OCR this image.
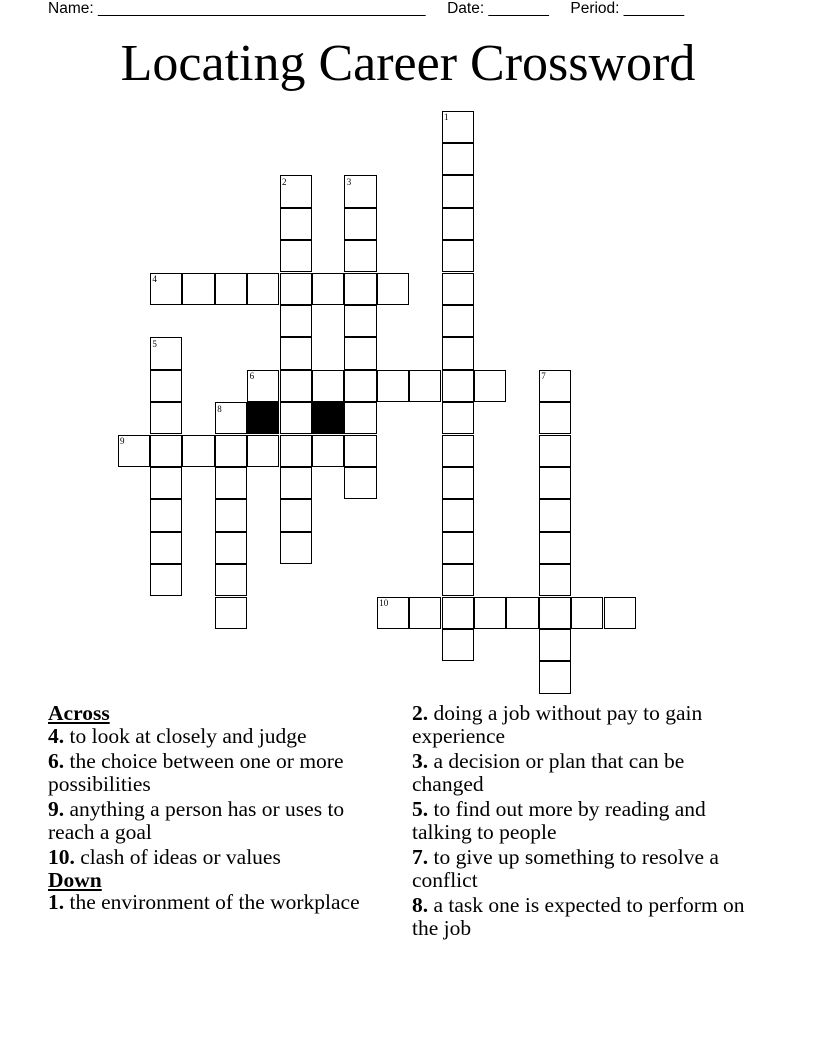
Name: ______________________________________ Date: _______ Period: _______
Locating Career Crossword
1
2	3
4
5
6	7
8
9
10
Across
4. to look at closely and judge
6. the choice between one or more possibilities
9. anything a person has or uses to reach a goal
10. clash of ideas or values
Down
1. the environment of the workplace
2. doing a job without pay to gain experience
3. a decision or plan that can be changed
5. to find out more by reading and talking to people
7. to give up something to resolve a conflict
8. a task one is expected to perform on the job
